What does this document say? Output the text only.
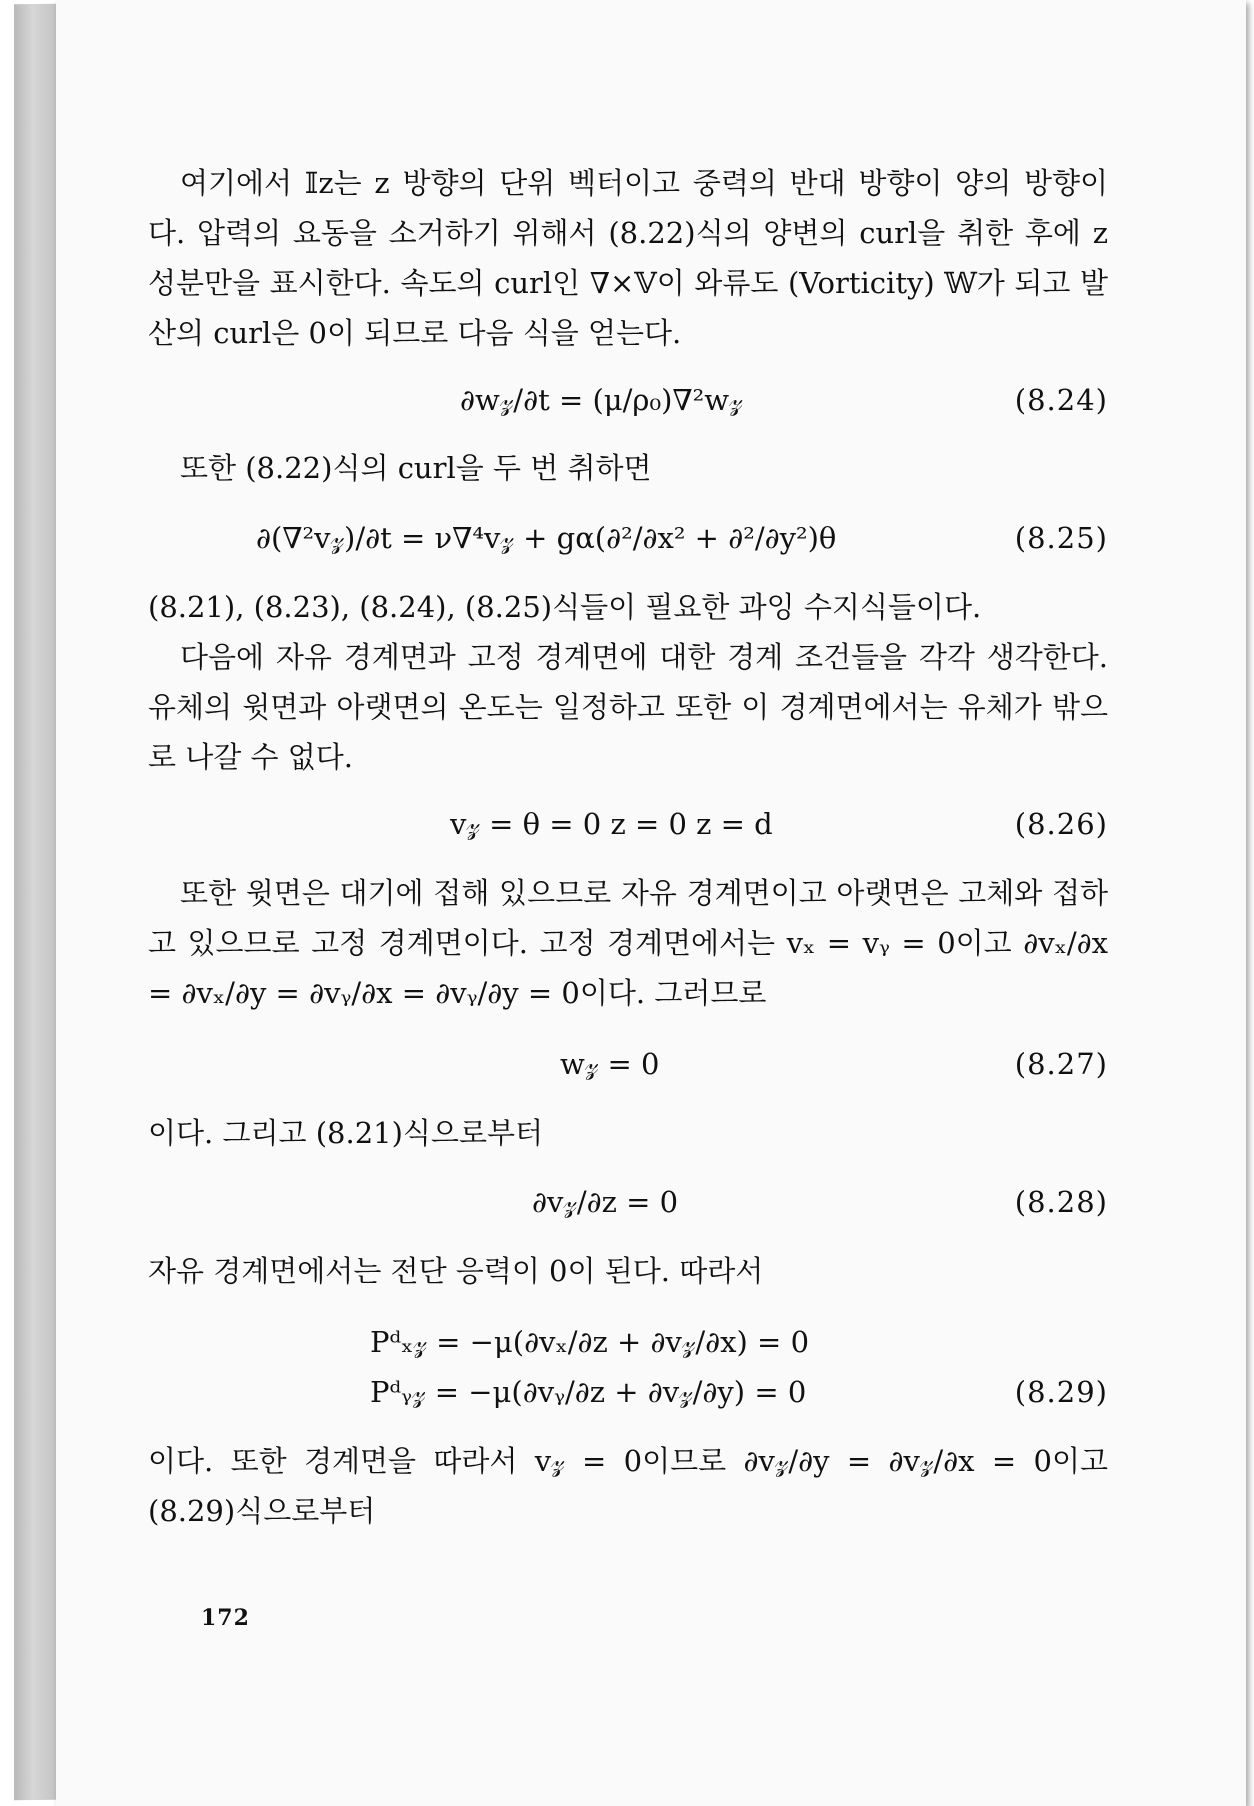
여기에서 𝕀z는 z 방향의 단위 벡터이고 중력의 반대 방향이 양의 방향이다. 압력의 요동을 소거하기 위해서 (8.22)식의 양변의 curl을 취한 후에 z성분만을 표시한다. 속도의 curl인 ∇×𝕍이 와류도 (Vorticity) 𝕎가 되고 발산의 curl은 0이 되므로 다음 식을 얻는다.

∂w𝓏/∂t = (μ/ρ₀)∇²w𝓏	(8.24)

또한 (8.22)식의 curl을 두 번 취하면

∂(∇²v𝓏)/∂t = ν∇⁴v𝓏 + gα(∂²/∂x² + ∂²/∂y²)θ	(8.25)

(8.21), (8.23), (8.24), (8.25)식들이 필요한 과잉 수지식들이다.

다음에 자유 경계면과 고정 경계면에 대한 경계 조건들을 각각 생각한다. 유체의 윗면과 아랫면의 온도는 일정하고 또한 이 경계면에서는 유체가 밖으로 나갈 수 없다.

v𝓏 = θ = 0 z = 0 z = d	(8.26)

또한 윗면은 대기에 접해 있으므로 자유 경계면이고 아랫면은 고체와 접하고 있으므로 고정 경계면이다. 고정 경계면에서는 vₓ = vᵧ = 0이고 ∂vₓ/∂x = ∂vₓ/∂y = ∂vᵧ/∂x = ∂vᵧ/∂y = 0이다. 그러므로

w𝓏 = 0	(8.27)

이다. 그리고 (8.21)식으로부터

∂v𝓏/∂z = 0	(8.28)

자유 경계면에서는 전단 응력이 0이 된다. 따라서

Pᵈₓ𝓏 = −μ(∂vₓ/∂z + ∂v𝓏/∂x) = 0
Pᵈᵧ𝓏 = −μ(∂vᵧ/∂z + ∂v𝓏/∂y) = 0	(8.29)

이다. 또한 경계면을 따라서 v𝓏 = 0이므로 ∂v𝓏/∂y = ∂v𝓏/∂x = 0이고 (8.29)식으로부터

172
